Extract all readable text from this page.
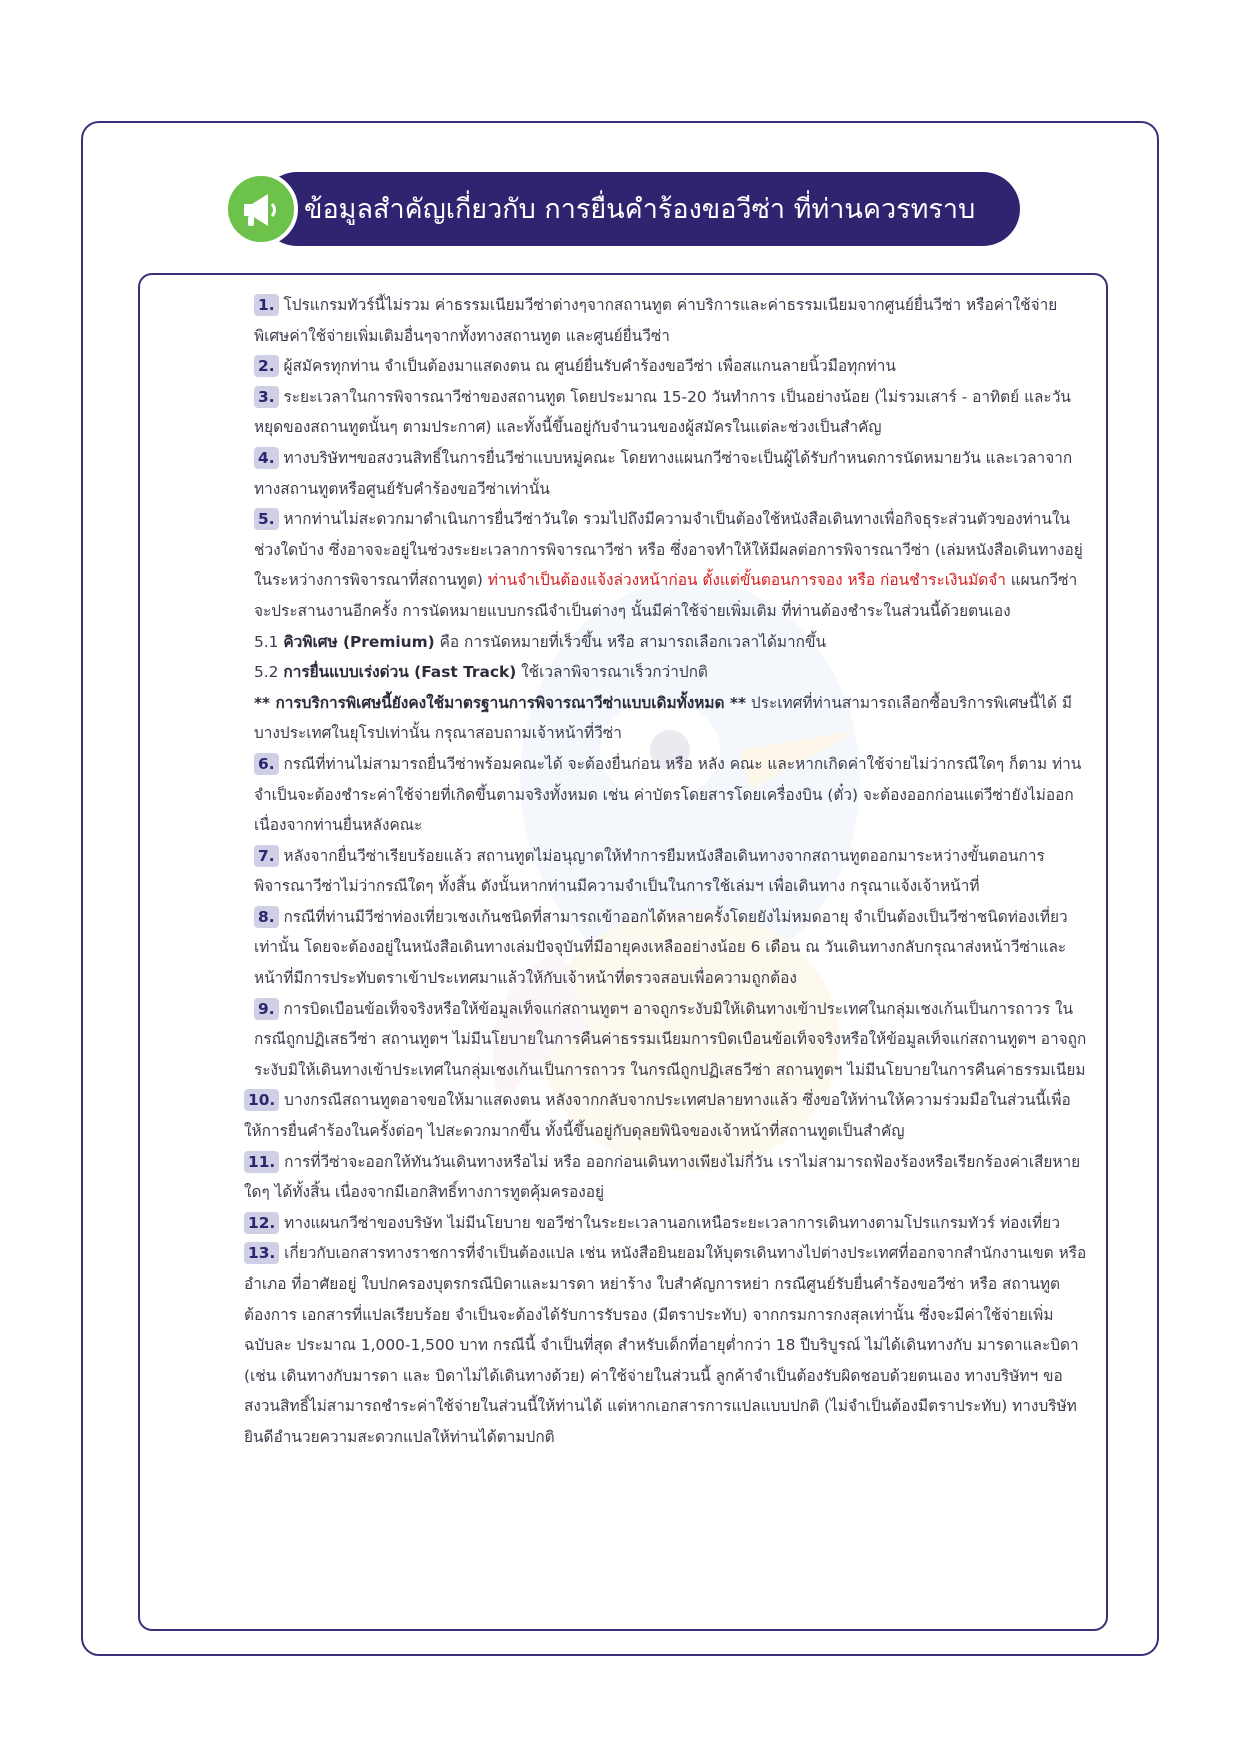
ข้อมูลสำคัญเกี่ยวกับ การยื่นคำร้องขอวีซ่า ที่ท่านควรทราบ

1. โปรแกรมทัวร์นี้ไม่รวม ค่าธรรมเนียมวีซ่าต่างๆจากสถานทูต ค่าบริการและค่าธรรมเนียมจากศูนย์ยื่นวีซ่า หรือค่าใช้จ่ายพิเศษค่าใช้จ่ายเพิ่มเติมอื่นๆจากทั้งทางสถานทูต และศูนย์ยื่นวีซ่า

2. ผู้สมัครทุกท่าน จำเป็นต้องมาแสดงตน ณ ศูนย์ยื่นรับคำร้องขอวีซ่า เพื่อสแกนลายนิ้วมือทุกท่าน

3. ระยะเวลาในการพิจารณาวีซ่าของสถานทูต โดยประมาณ 15-20 วันทำการ เป็นอย่างน้อย (ไม่รวมเสาร์ - อาทิตย์ และวันหยุดของสถานทูตนั้นๆ ตามประกาศ) และทั้งนี้ขึ้นอยู่กับจำนวนของผู้สมัครในแต่ละช่วงเป็นสำคัญ

4. ทางบริษัทฯขอสงวนสิทธิ์ในการยื่นวีซ่าแบบหมู่คณะ โดยทางแผนกวีซ่าจะเป็นผู้ได้รับกำหนดการนัดหมายวัน และเวลาจากทางสถานทูตหรือศูนย์รับคำร้องขอวีซ่าเท่านั้น

5. หากท่านไม่สะดวกมาดำเนินการยื่นวีซ่าวันใด รวมไปถึงมีความจำเป็นต้องใช้หนังสือเดินทางเพื่อกิจธุระส่วนตัวของท่านในช่วงใดบ้าง ซึ่งอาจจะอยู่ในช่วงระยะเวลาการพิจารณาวีซ่า หรือ ซึ่งอาจทำให้ให้มีผลต่อการพิจารณาวีซ่า (เล่มหนังสือเดินทางอยู่ในระหว่างการพิจารณาที่สถานทูต) ท่านจำเป็นต้องแจ้งล่วงหน้าก่อน ตั้งแต่ขั้นตอนการจอง หรือ ก่อนชำระเงินมัดจำ แผนกวีซ่าจะประสานงานอีกครั้ง การนัดหมายแบบกรณีจำเป็นต่างๆ นั้นมีค่าใช้จ่ายเพิ่มเติม ที่ท่านต้องชำระในส่วนนี้ด้วยตนเอง

5.1 คิวพิเศษ (Premium) คือ การนัดหมายที่เร็วขึ้น หรือ สามารถเลือกเวลาได้มากขึ้น

5.2 การยื่นแบบเร่งด่วน (Fast Track) ใช้เวลาพิจารณาเร็วกว่าปกติ

** การบริการพิเศษนี้ยังคงใช้มาตรฐานการพิจารณาวีซ่าแบบเดิมทั้งหมด ** ประเทศที่ท่านสามารถเลือกซื้อบริการพิเศษนี้ได้ มีบางประเทศในยุโรปเท่านั้น กรุณาสอบถามเจ้าหน้าที่วีซ่า

6. กรณีที่ท่านไม่สามารถยื่นวีซ่าพร้อมคณะได้ จะต้องยื่นก่อน หรือ หลัง คณะ และหากเกิดค่าใช้จ่ายไม่ว่ากรณีใดๆ ก็ตาม ท่านจำเป็นจะต้องชำระค่าใช้จ่ายที่เกิดขึ้นตามจริงทั้งหมด เช่น ค่าบัตรโดยสารโดยเครื่องบิน (ตั๋ว) จะต้องออกก่อนแต่วีซ่ายังไม่ออก เนื่องจากท่านยื่นหลังคณะ

7. หลังจากยื่นวีซ่าเรียบร้อยแล้ว สถานทูตไม่อนุญาตให้ทำการยืมหนังสือเดินทางจากสถานทูตออกมาระหว่างขั้นตอนการพิจารณาวีซ่าไม่ว่ากรณีใดๆ ทั้งสิ้น ดังนั้นหากท่านมีความจำเป็นในการใช้เล่มฯ เพื่อเดินทาง กรุณาแจ้งเจ้าหน้าที่

8. กรณีที่ท่านมีวีซ่าท่องเที่ยวเชงเก้นชนิดที่สามารถเข้าออกได้หลายครั้งโดยยังไม่หมดอายุ จำเป็นต้องเป็นวีซ่าชนิดท่องเที่ยวเท่านั้น โดยจะต้องอยู่ในหนังสือเดินทางเล่มปัจจุบันที่มีอายุคงเหลืออย่างน้อย 6 เดือน ณ วันเดินทางกลับกรุณาส่งหน้าวีซ่าและหน้าที่มีการประทับตราเข้าประเทศมาแล้วให้กับเจ้าหน้าที่ตรวจสอบเพื่อความถูกต้อง

9. การบิดเบือนข้อเท็จจริงหรือให้ข้อมูลเท็จแก่สถานทูตฯ อาจถูกระงับมิให้เดินทางเข้าประเทศในกลุ่มเชงเก้นเป็นการถาวร ในกรณีถูกปฏิเสธวีซ่า สถานทูตฯ ไม่มีนโยบายในการคืนค่าธรรมเนียมการบิดเบือนข้อเท็จจริงหรือให้ข้อมูลเท็จแก่สถานทูตฯ อาจถูกระงับมิให้เดินทางเข้าประเทศในกลุ่มเชงเก้นเป็นการถาวร ในกรณีถูกปฏิเสธวีซ่า สถานทูตฯ ไม่มีนโยบายในการคืนค่าธรรมเนียม

10. บางกรณีสถานทูตอาจขอให้มาแสดงตน หลังจากกลับจากประเทศปลายทางแล้ว ซึ่งขอให้ท่านให้ความร่วมมือในส่วนนี้เพื่อให้การยื่นคำร้องในครั้งต่อๆ ไปสะดวกมากขึ้น ทั้งนี้ขึ้นอยู่กับดุลยพินิจของเจ้าหน้าที่สถานทูตเป็นสำคัญ

11. การที่วีซ่าจะออกให้ทันวันเดินทางหรือไม่ หรือ ออกก่อนเดินทางเพียงไม่กี่วัน เราไม่สามารถฟ้องร้องหรือเรียกร้องค่าเสียหายใดๆ ได้ทั้งสิ้น เนื่องจากมีเอกสิทธิ์ทางการทูตคุ้มครองอยู่

12. ทางแผนกวีซ่าของบริษัท ไม่มีนโยบาย ขอวีซ่าในระยะเวลานอกเหนือระยะเวลาการเดินทางตามโปรแกรมทัวร์ ท่องเที่ยว

13. เกี่ยวกับเอกสารทางราชการที่จำเป็นต้องแปล เช่น หนังสือยินยอมให้บุตรเดินทางไปต่างประเทศที่ออกจากสำนักงานเขต หรือ อำเภอ ที่อาศัยอยู่ ใบปกครองบุตรกรณีบิดาและมารดา หย่าร้าง ใบสำคัญการหย่า กรณีศูนย์รับยื่นคำร้องขอวีซ่า หรือ สถานทูตต้องการ เอกสารที่แปลเรียบร้อย จำเป็นจะต้องได้รับการรับรอง (มีตราประทับ) จากกรมการกงสุลเท่านั้น ซึ่งจะมีค่าใช้จ่ายเพิ่ม ฉบับละ ประมาณ 1,000-1,500 บาท กรณีนี้ จำเป็นที่สุด สำหรับเด็กที่อายุต่ำกว่า 18 ปีบริบูรณ์ ไม่ได้เดินทางกับ มารดาและบิดา (เช่น เดินทางกับมารดา และ บิดาไม่ได้เดินทางด้วย) ค่าใช้จ่ายในส่วนนี้ ลูกค้าจำเป็นต้องรับผิดชอบด้วยตนเอง ทางบริษัทฯ ขอสงวนสิทธิ์ไม่สามารถชำระค่าใช้จ่ายในส่วนนี้ให้ท่านได้ แต่หากเอกสารการแปลแบบปกติ (ไม่จำเป็นต้องมีตราประทับ) ทางบริษัทยินดีอำนวยความสะดวกแปลให้ท่านได้ตามปกติ
